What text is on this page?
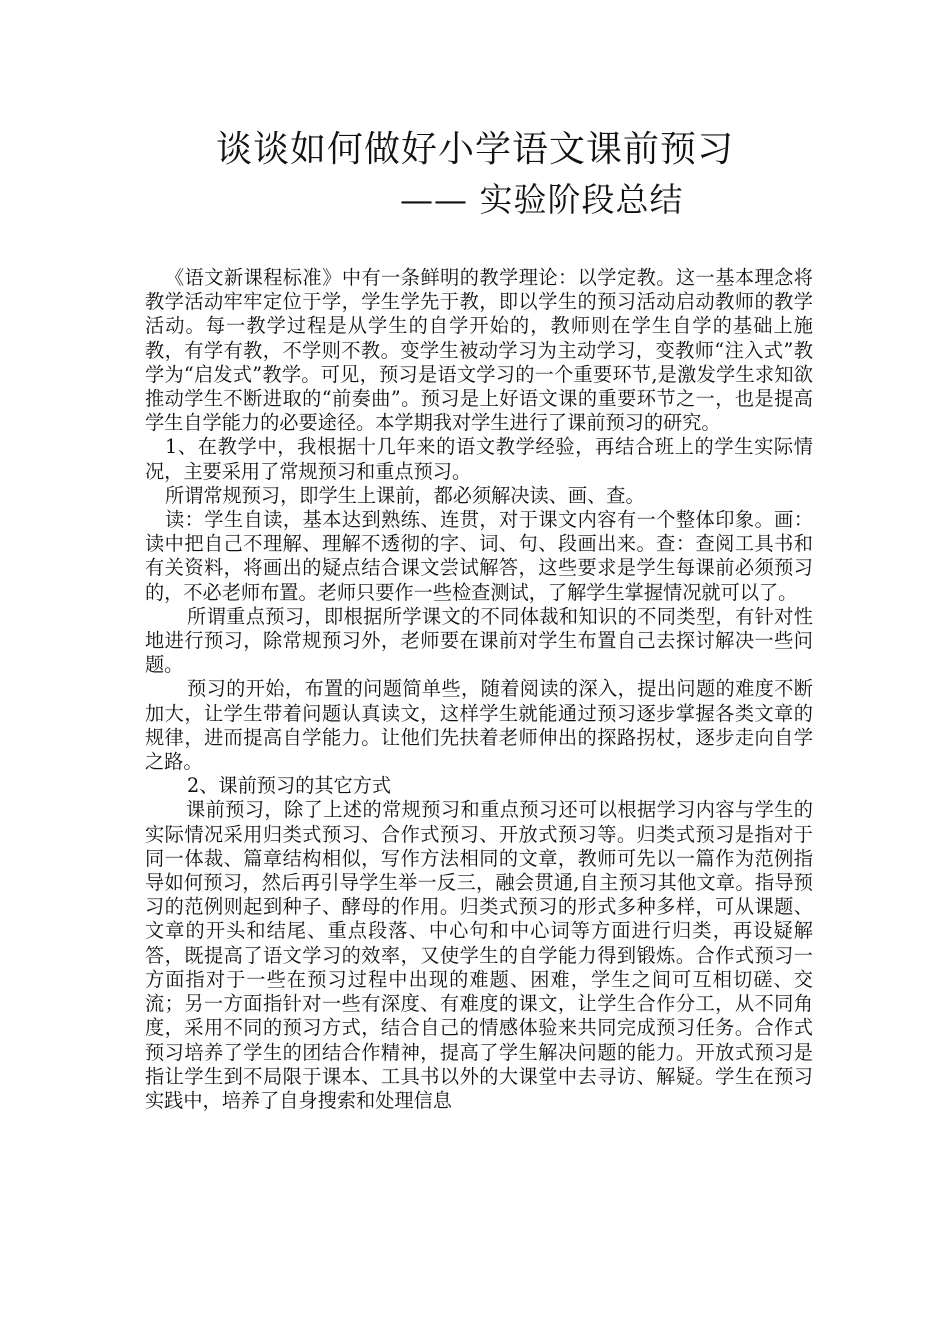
谈谈如何做好小学语文课前预习
—— 实验阶段总结

《语文新课程标准》中有一条鲜明的教学理论：以学定教。这一基本理念将教学活动牢牢定位于学，学生学先于教，即以学生的预习活动启动教师的教学活动。每一教学过程是从学生的自学开始的，教师则在学生自学的基础上施教，有学有教，不学则不教。变学生被动学习为主动学习，变教师“注入式”教学为“启发式”教学。可见，预习是语文学习的一个重要环节,是激发学生求知欲推动学生不断进取的“前奏曲”。预习是上好语文课的重要环节之一，也是提高学生自学能力的必要途径。本学期我对学生进行了课前预习的研究。

1、在教学中，我根据十几年来的语文教学经验，再结合班上的学生实际情况，主要采用了常规预习和重点预习。

所谓常规预习，即学生上课前，都必须解决读、画、查。

读：学生自读，基本达到熟练、连贯，对于课文内容有一个整体印象。画：读中把自己不理解、理解不透彻的字、词、句、段画出来。查：查阅工具书和有关资料，将画出的疑点结合课文尝试解答，这些要求是学生每课前必须预习的，不必老师布置。老师只要作一些检查测试，了解学生掌握情况就可以了。

所谓重点预习，即根据所学课文的不同体裁和知识的不同类型，有针对性地进行预习，除常规预习外，老师要在课前对学生布置自己去探讨解决一些问题。

预习的开始，布置的问题简单些，随着阅读的深入，提出问题的难度不断加大，让学生带着问题认真读文，这样学生就能通过预习逐步掌握各类文章的规律，进而提高自学能力。让他们先扶着老师伸出的探路拐杖，逐步走向自学之路。

2、课前预习的其它方式

课前预习，除了上述的常规预习和重点预习还可以根据学习内容与学生的实际情况采用归类式预习、合作式预习、开放式预习等。归类式预习是指对于同一体裁、篇章结构相似，写作方法相同的文章，教师可先以一篇作为范例指导如何预习，然后再引导学生举一反三，融会贯通,自主预习其他文章。指导预习的范例则起到种子、酵母的作用。归类式预习的形式多种多样，可从课题、文章的开头和结尾、重点段落、中心句和中心词等方面进行归类，再设疑解答，既提高了语文学习的效率，又使学生的自学能力得到锻炼。合作式预习一方面指对于一些在预习过程中出现的难题、困难，学生之间可互相切磋、交流；另一方面指针对一些有深度、有难度的课文，让学生合作分工，从不同角度，采用不同的预习方式，结合自己的情感体验来共同完成预习任务。合作式预习培养了学生的团结合作精神，提高了学生解决问题的能力。开放式预习是指让学生到不局限于课本、工具书以外的大课堂中去寻访、解疑。学生在预习实践中，培养了自身搜索和处理信息
